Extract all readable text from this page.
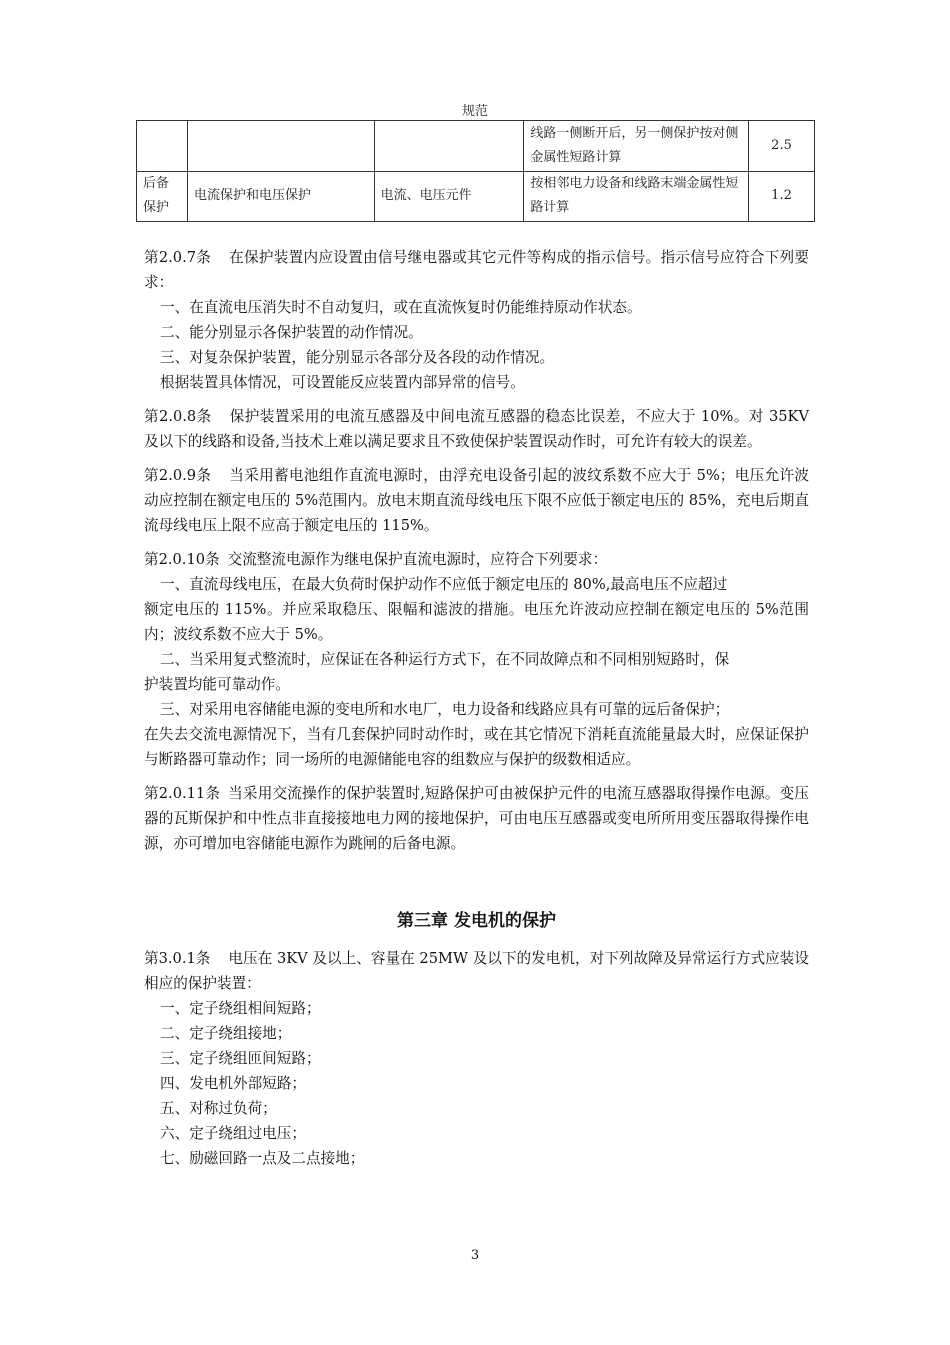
规范
			线路一侧断开后，另一侧保护按对侧金属性短路计算	2.5
后备保护	电流保护和电压保护	电流、电压元件	按相邻电力设备和线路末端金属性短路计算	1.2

第2.0.7条 在保护装置内应设置由信号继电器或其它元件等构成的指示信号。指示信号应符合下列要求：

一、在直流电压消失时不自动复归，或在直流恢复时仍能维持原动作状态。

二、能分别显示各保护装置的动作情况。

三、对复杂保护装置，能分别显示各部分及各段的动作情况。

根据装置具体情况，可设置能反应装置内部异常的信号。

第2.0.8条 保护装置采用的电流互感器及中间电流互感器的稳态比误差，不应大于 10%。对 35KV 及以下的线路和设备,当技术上难以满足要求且不致使保护装置误动作时，可允许有较大的误差。
第2.0.9条 当采用蓄电池组作直流电源时，由浮充电设备引起的波纹系数不应大于 5%；电压允许波动应控制在额定电压的 5%范围内。放电末期直流母线电压下限不应低于额定电压的 85%，充电后期直流母线电压上限不应高于额定电压的 115%。

第2.0.10条 交流整流电源作为继电保护直流电源时，应符合下列要求：

一、直流母线电压，在最大负荷时保护动作不应低于额定电压的 80%,最高电压不应超过

额定电压的 115%。并应采取稳压、限幅和滤波的措施。电压允许波动应控制在额定电压的 5%范围内；波纹系数不应大于 5%。

二、当采用复式整流时，应保证在各种运行方式下，在不同故障点和不同相别短路时，保

护装置均能可靠动作。

三、对采用电容储能电源的变电所和水电厂，电力设备和线路应具有可靠的远后备保护；

在失去交流电源情况下，当有几套保护同时动作时，或在其它情况下消耗直流能量最大时，应保证保护与断路器可靠动作；同一场所的电源储能电容的组数应与保护的级数相适应。

第2.0.11条 当采用交流操作的保护装置时,短路保护可由被保护元件的电流互感器取得操作电源。变压器的瓦斯保护和中性点非直接接地电力网的接地保护，可由电压互感器或变电所所用变压器取得操作电源，亦可增加电容储能电源作为跳闸的后备电源。
第三章 发电机的保护

第3.0.1条 电压在 3KV 及以上、容量在 25MW 及以下的发电机，对下列故障及异常运行方式应装设相应的保护装置：

一、定子绕组相间短路；

二、定子绕组接地；

三、定子绕组匝间短路；

四、发电机外部短路；

五、对称过负荷；

六、定子绕组过电压；

七、励磁回路一点及二点接地；

3
